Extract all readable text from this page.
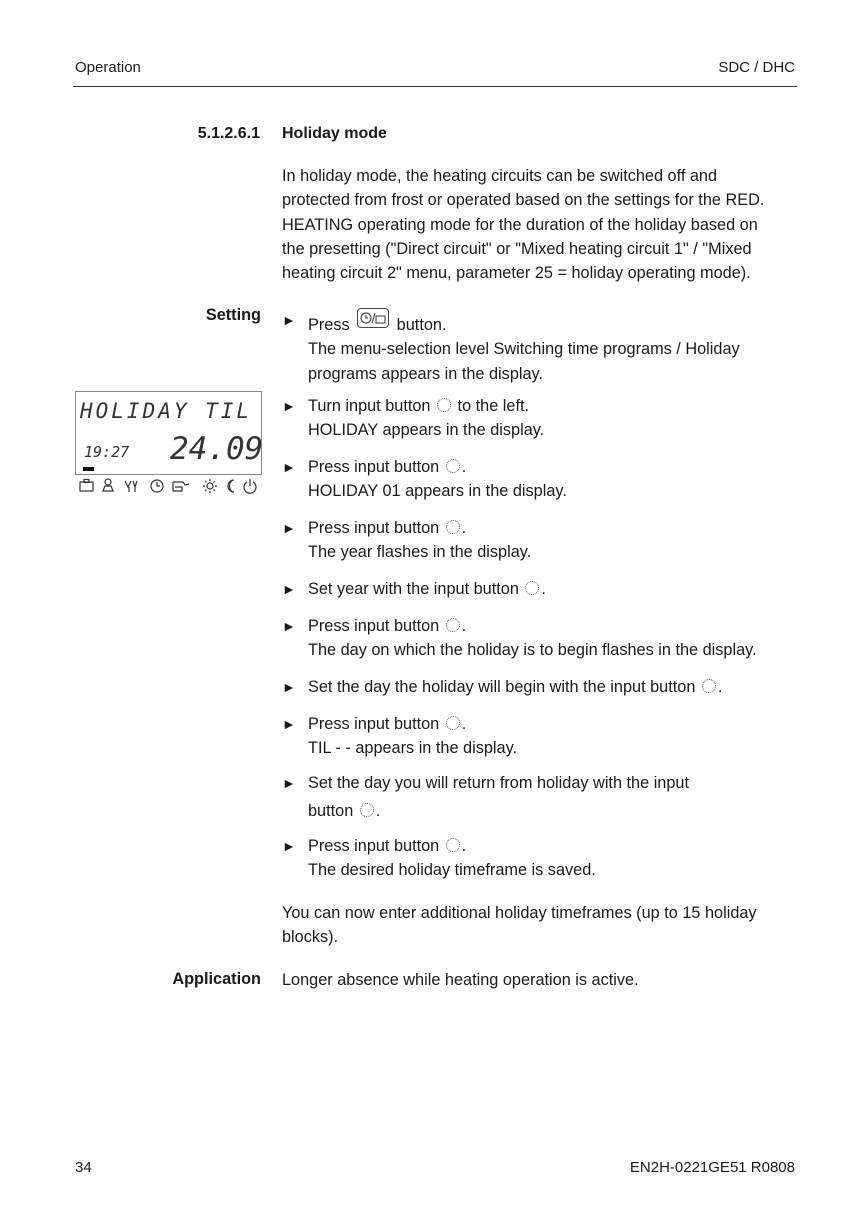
Operation	SDC / DHC
5.1.2.6.1 Holiday mode
In holiday mode, the heating circuits can be switched off and
protected from frost or operated based on the settings for the RED.
HEATING operating mode for the duration of the holiday based on
the presetting ("Direct circuit" or "Mixed heating circuit 1" / "Mixed
heating circuit 2" menu, parameter 25 = holiday operating mode).
Setting
HOLIDAY TIL
19:27 24.09
► Press
button.
The menu-selection level Switching time programs / Holiday
programs appears in the display.
► Turn input button  to the left.
HOLIDAY appears in the display.
► Press input button .
HOLIDAY 01 appears in the display.
► Press input button .
The year flashes in the display.
► Set year with the input button .
► Press input button .
The day on which the holiday is to begin flashes in the display.
► Set the day the holiday will begin with the input button .
► Press input button .
TIL - - appears in the display.
► Set the day you will return from holiday with the input
button .
► Press input button .
The desired holiday timeframe is saved.
You can now enter additional holiday timeframes (up to 15 holiday
blocks).
Application Longer absence while heating operation is active.
34	EN2H-0221GE51 R0808
